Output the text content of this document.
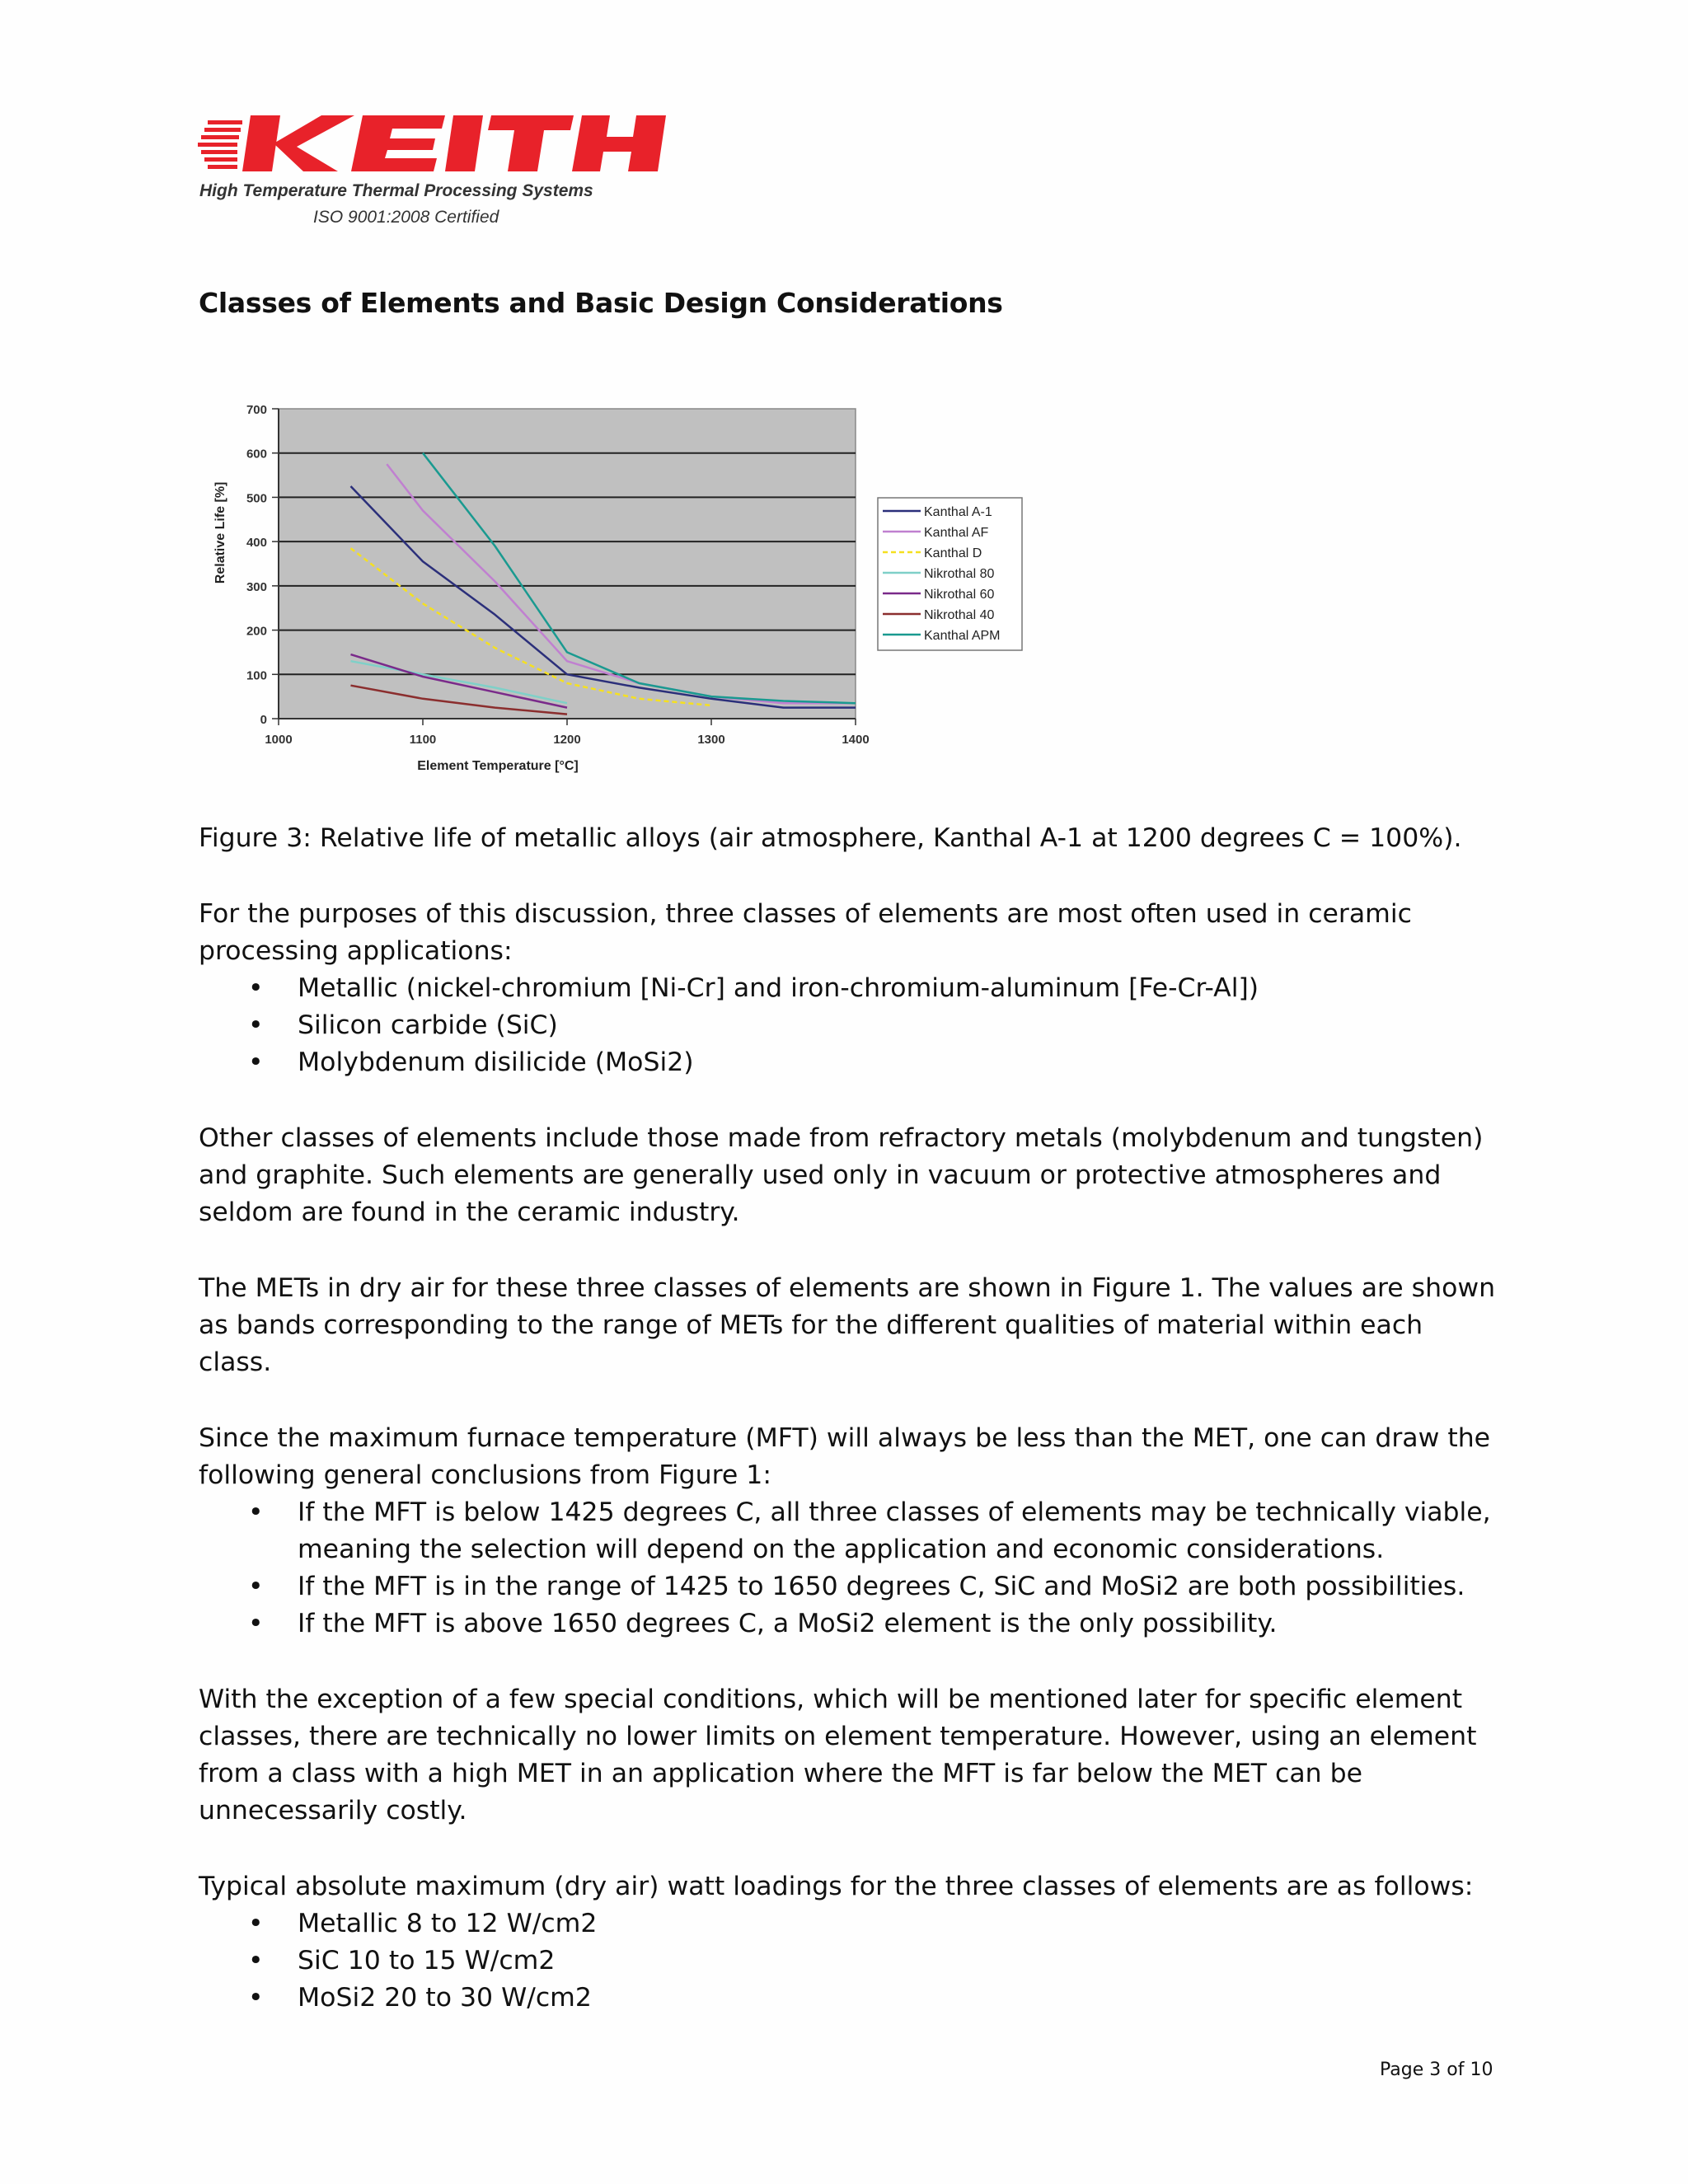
High Temperature Thermal Processing Systems
ISO 9001:2008 Certified
Classes of Elements and Basic Design Considerations
0
100
200
300
400
500
600
700
1000	1100	1200	1300	1400
Element Temperature [°C]
Relative Life [%]	Kanthal A-1
Kanthal AF
Kanthal D
Nikrothal 80
Nikrothal 60
Nikrothal 40
Kanthal APM

Figure 3: Relative life of metallic alloys (air atmosphere, Kanthal A-1 at 1200 degrees C = 100%).

For the purposes of this discussion, three classes of elements are most often used in ceramic processing applications:

• Metallic (nickel-chromium [Ni-Cr] and iron-chromium-aluminum [Fe-Cr-Al])
• Silicon carbide (SiC)
• Molybdenum disilicide (MoSi2)

Other classes of elements include those made from refractory metals (molybdenum and tungsten) and graphite. Such elements are generally used only in vacuum or protective atmospheres and seldom are found in the ceramic industry.

The METs in dry air for these three classes of elements are shown in Figure 1. The values are shown as bands corresponding to the range of METs for the different qualities of material within each class.

Since the maximum furnace temperature (MFT) will always be less than the MET, one can draw the following general conclusions from Figure 1:

• If the MFT is below 1425 degrees C, all three classes of elements may be technically viable, meaning the selection will depend on the application and economic considerations.
• If the MFT is in the range of 1425 to 1650 degrees C, SiC and MoSi2 are both possibilities.
• If the MFT is above 1650 degrees C, a MoSi2 element is the only possibility.

With the exception of a few special conditions, which will be mentioned later for specific element classes, there are technically no lower limits on element temperature. However, using an element from a class with a high MET in an application where the MFT is far below the MET can be unnecessarily costly.

Typical absolute maximum (dry air) watt loadings for the three classes of elements are as follows:

• Metallic 8 to 12 W/cm2
• SiC 10 to 15 W/cm2
• MoSi2 20 to 30 W/cm2
Page 3 of 10
